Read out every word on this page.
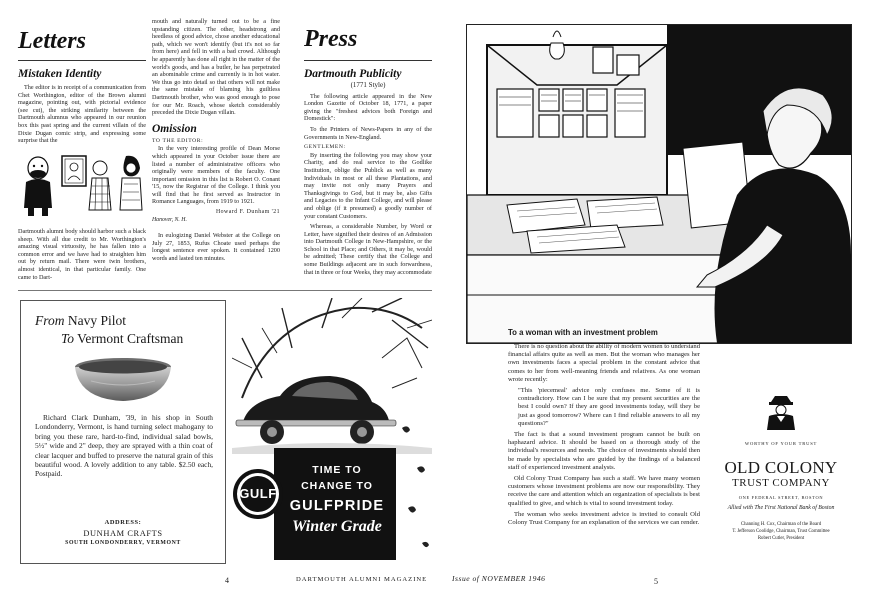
Letters
Mistaken Identity

The editor is in receipt of a communication from Chet Worthington, editor of the Brown alumni magazine, pointing out, with pictorial evidence (see cut), the striking similarity between the Dartmouth alumnus who appeared in our reunion box this past spring and the current villain of the Dixie Dugan comic strip, and expressing some surprise that the

Dartmouth alumni body should harbor such a black sheep. With all due credit to Mr. Worthington's amazing visual virtuosity, he has fallen into a common error and we have had to straighten him out by return mail. There were twin brothers, almost identical, in that particular family. One came to Dart-

mouth and naturally turned out to be a fine upstanding citizen. The other, headstrong and heedless of good advice, chose another educational path, which we won't identify (but it's not so far from here) and fell in with a bad crowd. Although he apparently has done all right in the matter of the world's goods, and has a butler, he has perpetrated an abominable crime and currently is in hot water. We thus go into detail so that others will not make the same mistake of blaming his guiltless Dartmouth brother, who was good enough to pose for our Mr. Roach, whose sketch considerably preceded the Dixie Dugan villain.

Omission
TO THE EDITOR:

In the very interesting profile of Dean Morse which appeared in your October issue there are listed a number of administrative officers who originally were members of the faculty. One important omission in this list is Robert O. Conant '15, now the Registrar of the College. I think you will find that he first served as Instructor in Romance Languages, from 1919 to 1921.

Howard F. Dunham '21
Hanover, N. H.

In eulogizing Daniel Webster at the College on July 27, 1853, Rufus Choate used perhaps the longest sentence ever spoken. It contained 1200 words and lasted ten minutes.

Press
Dartmouth Publicity
(1771 Style)

The following article appeared in the New London Gazette of October 18, 1771, a paper giving the "freshest advices both Foreign and Domestick":

To the Printers of News-Papers in any of the Governments in New-England.

GENTLEMEN:

By inserting the following you may show your Charity, and do real service to the Godlike Institution, oblige the Publick as well as many Individuals in most or all these Plantations, and may invite not only many Prayers and Thanksgivings to God, but it may be, also Gifts and Legacies to the Infant College, and will please and oblige (if it presumed) a goodly number of your constant Customers.

Whereas, a considerable Number, by Word or Letter, have signified their desires of an Admission into Dartmouth College in New-Hampshire, or the School in that Place; and Others, it may be, would be admitted; These certify that the College and some Buildings adjacent are in such forwardness, that in three or four Weeks, they may accommodate

From Navy Pilot
To Vermont Craftsman

Richard Clark Dunham, '39, in his shop in South Londonderry, Vermont, is hand turning select mahogany to bring you these rare, hard-to-find, individual salad bowls, 5½" wide and 2" deep, they are sprayed with a thin coat of clear lacquer and buffed to preserve the natural grain of this beautiful wood. A lovely addition to any table. $2.50 each, Postpaid.

ADDRESS:
DUNHAM CRAFTS
SOUTH LONDONDERRY, VERMONT
GULF
TIME TO
CHANGE TO
GULFPRIDE
Winter Grade
4	DARTMOUTH ALUMNI MAGAZINE	Issue of NOVEMBER 1946
To a woman with an investment problem

There is no question about the ability of modern women to understand financial affairs quite as well as men. But the woman who manages her own investments faces a special problem in the constant advice that comes to her from well-meaning friends and relatives. As one woman wrote recently:

"This 'piecemeal' advice only confuses me. Some of it is contradictory. How can I be sure that my present securities are the best I could own? If they are good investments today, will they be just as good tomorrow? Where can I find reliable answers to all my questions?"

The fact is that a sound investment program cannot be built on haphazard advice. It should be based on a thorough study of the individual's resources and needs. The choice of investments should then be made by specialists who are guided by the findings of a balanced staff of experienced investment analysts.

Old Colony Trust Company has such a staff. We have many women customers whose investment problems are now our responsibility. They receive the care and attention which an organization of specialists is best qualified to give, and which is vital to sound investment today.

The woman who seeks investment advice is invited to consult Old Colony Trust Company for an explanation of the services we can render.

WORTHY OF YOUR TRUST
OLD COLONY
TRUST COMPANY
ONE FEDERAL STREET, BOSTON
Allied with The First National Bank of Boston
Channing H. Cox, Chairman of the Board
T. Jefferson Coolidge, Chairman, Trust Committee
Robert Cutler, President
5
